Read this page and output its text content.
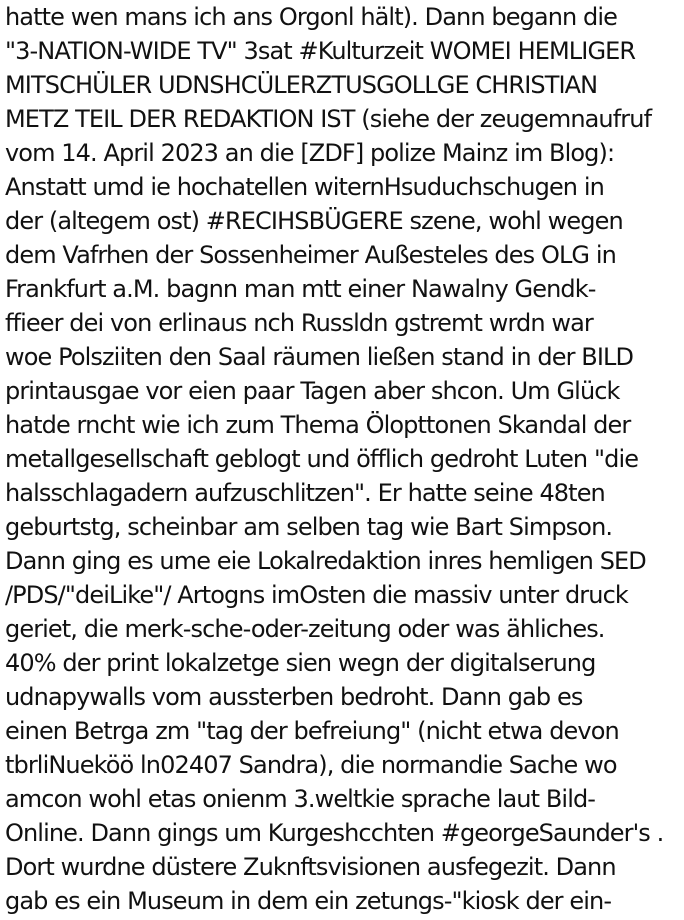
hatte wen mans ich ans Orgonl hält). Dann begann die
"3-NATION-WIDE TV" 3sat #Kulturzeit WOMEI HEMLIGER
MITSCHÜLER UDNSHCÜLERZTUSGOLLGE CHRISTIAN
METZ TEIL DER REDAKTION IST (siehe der zeugemnaufruf
vom 14. April 2023 an die [ZDF] polize Mainz im Blog):
Anstatt umd ie hochatellen witernHsuduchschugen in
der (altegem ost) #RECIHSBÜGERE szene, wohl wegen
dem Vafrhen der Sossenheimer Außesteles des OLG in
Frankfurt a.M. bagnn man mtt einer Nawalny Gendk-
ffieer dei von erlinaus nch Russldn gstremt wrdn war
woe Polsziiten den Saal räumen ließen stand in der BILD
printausgae vor eien paar Tagen aber shcon. Um Glück
hatde rncht wie ich zum Thema Ölopttonen Skandal der
metallgesellschaft geblogt und öfflich gedroht Luten "die
halsschlagadern aufzuschlitzen". Er hatte seine 48ten
geburtstg, scheinbar am selben tag wie Bart Simpson.
Dann ging es ume eie Lokalredaktion inres hemligen SED
/PDS/"deiLike"/ Artogns imOsten die massiv unter druck
geriet, die merk-sche-oder-zeitung oder was ähliches.
40% der print lokalzetge sien wegn der digitalserung
udnapywalls vom aussterben bedroht. Dann gab es
einen Betrga zm "tag der befreiung" (nicht etwa devon
tbrliNueköö ln02407 Sandra), die normandie Sache wo
amcon wohl etas onienm 3.weltkie sprache laut Bild-
Online. Dann gings um Kurgeshcchten #georgeSaunder's .
Dort wurdne düstere Zuknftsvisionen ausfegezit. Dann
gab es ein Museum in dem ein zetungs-"kiosk der ein-
